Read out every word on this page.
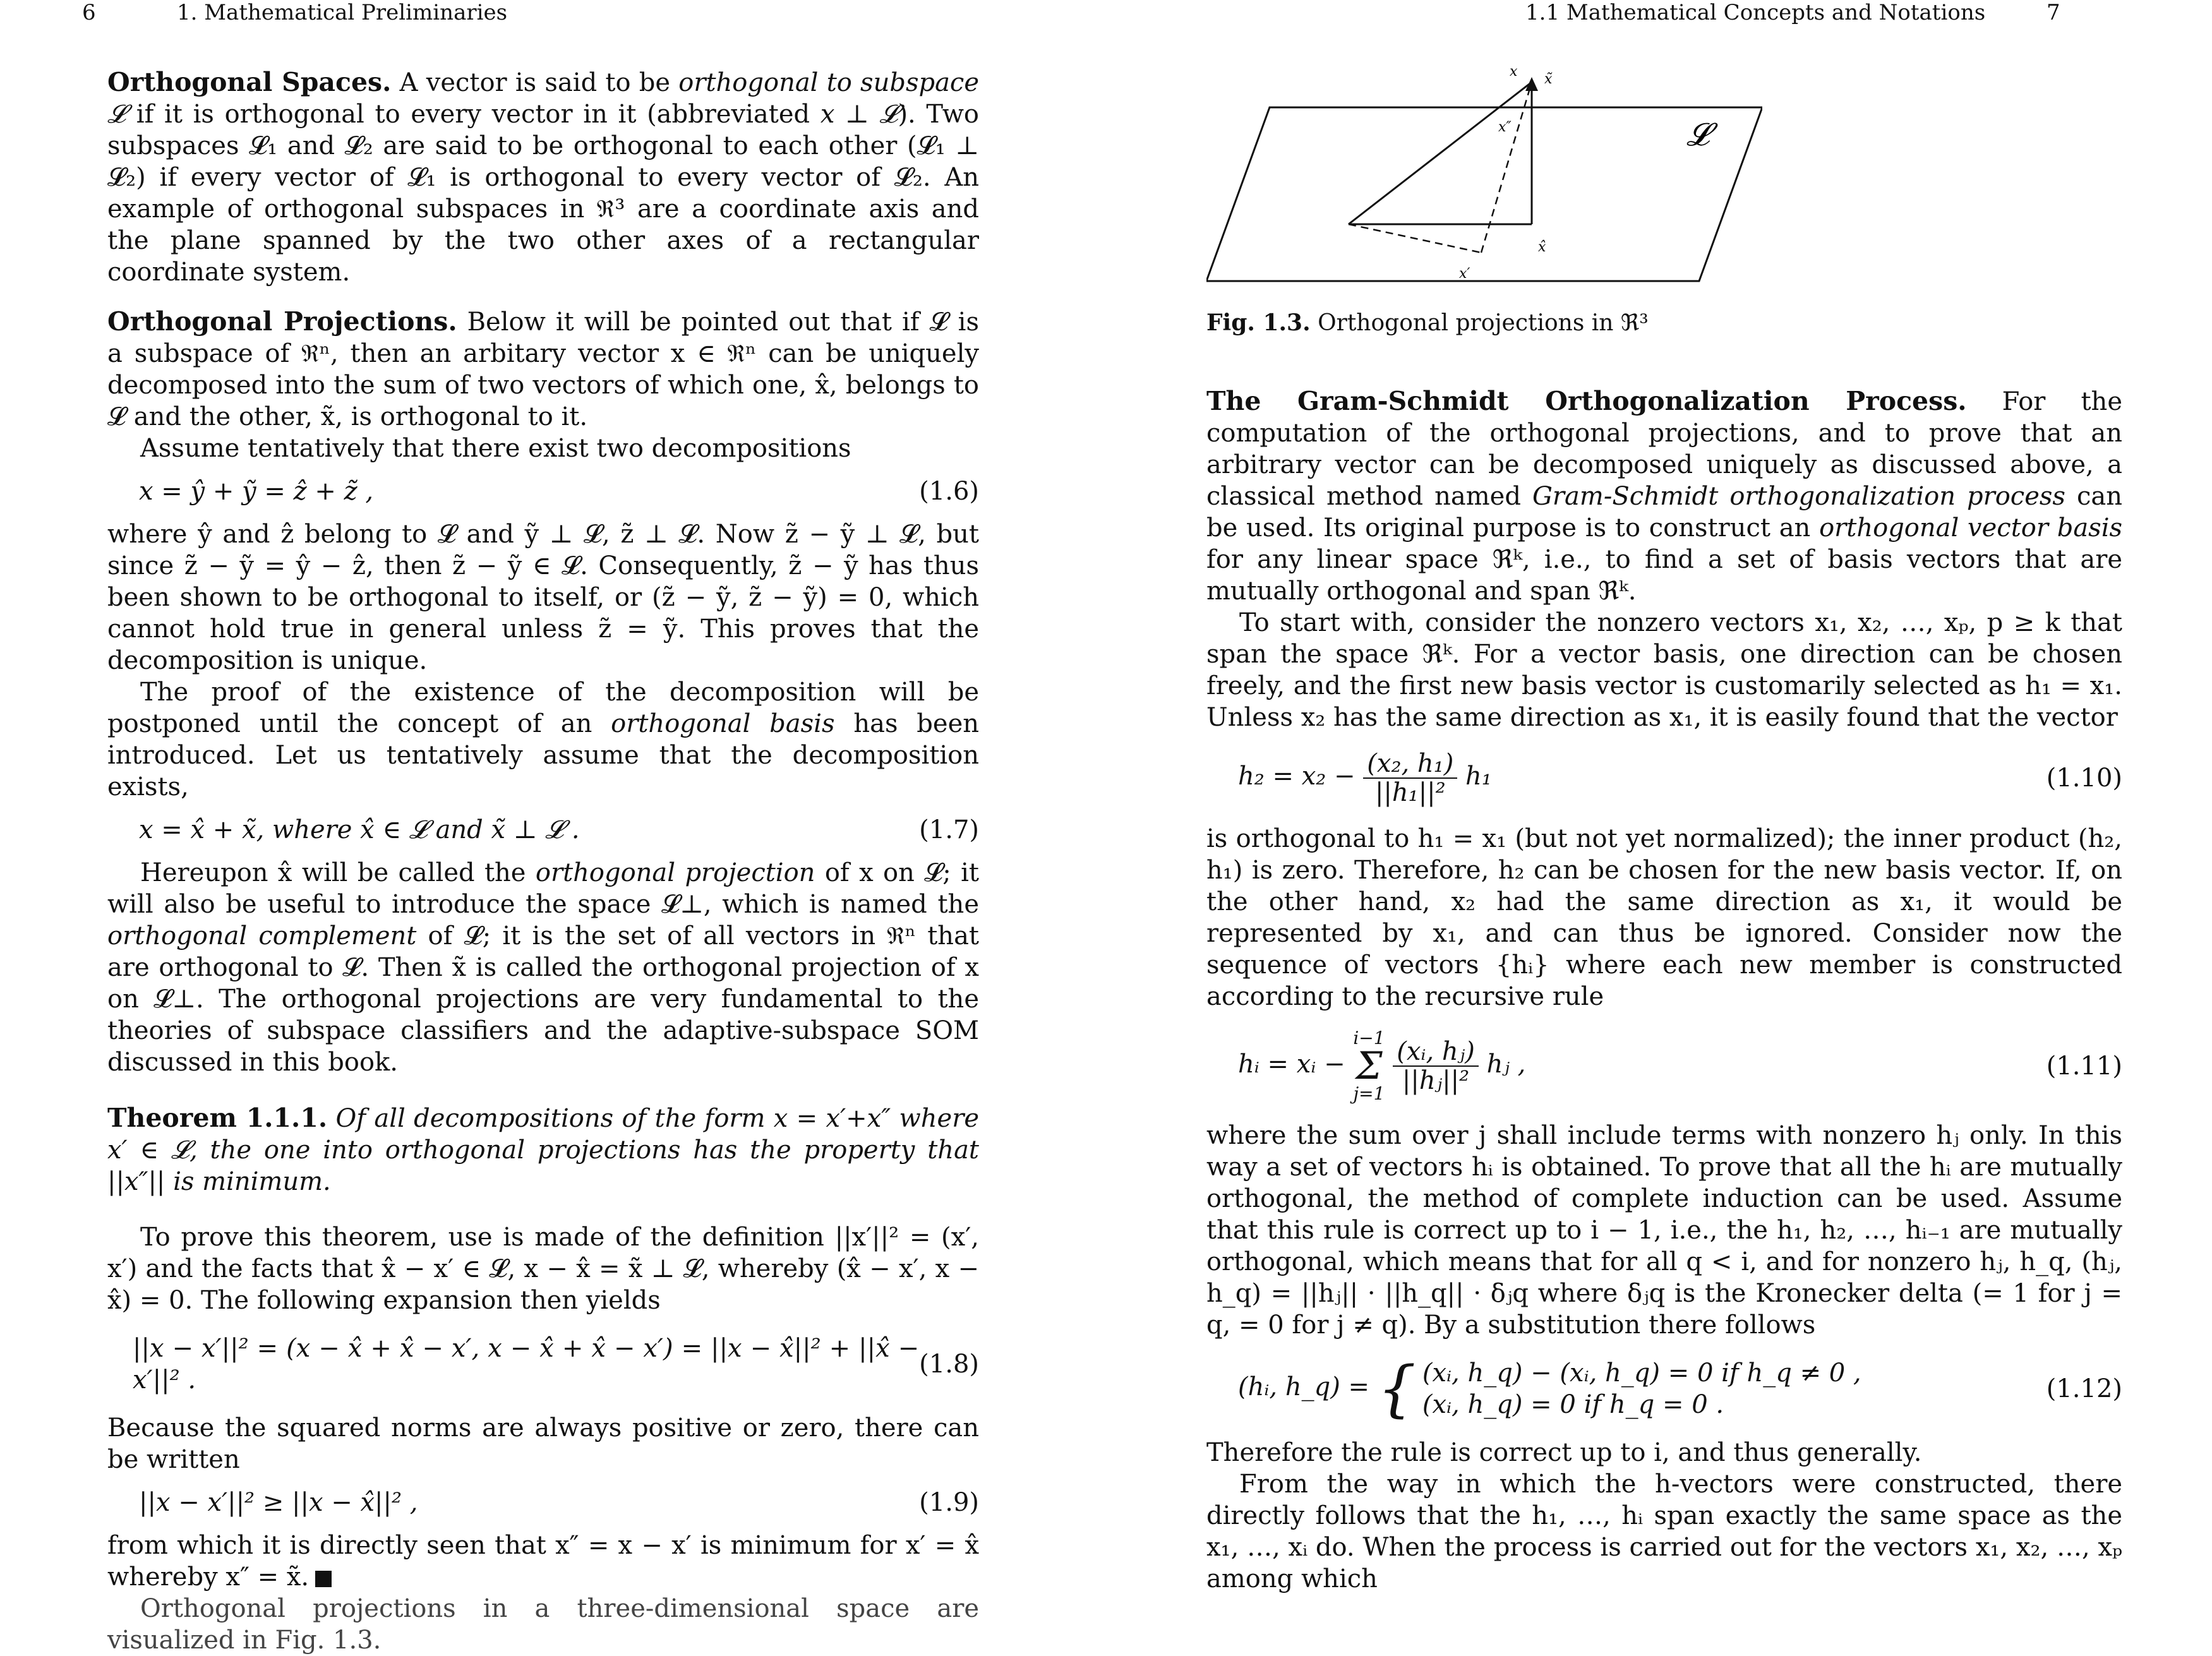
6	1. Mathematical Preliminaries

Orthogonal Spaces. A vector is said to be orthogonal to subspace 𝓛 if it is orthogonal to every vector in it (abbreviated x ⊥ 𝓛). Two subspaces 𝓛₁ and 𝓛₂ are said to be orthogonal to each other (𝓛₁ ⊥ 𝓛₂) if every vector of 𝓛₁ is orthogonal to every vector of 𝓛₂. An example of orthogonal subspaces in ℜ³ are a coordinate axis and the plane spanned by the two other axes of a rectangular coordinate system.

Orthogonal Projections. Below it will be pointed out that if 𝓛 is a subspace of ℜⁿ, then an arbitary vector x ∈ ℜⁿ can be uniquely decomposed into the sum of two vectors of which one, x̂, belongs to 𝓛 and the other, x̃, is orthogonal to it.

Assume tentatively that there exist two decompositions

x = ŷ + ỹ = ẑ + z̃ ,	(1.6)

where ŷ and ẑ belong to 𝓛 and ỹ ⊥ 𝓛, z̃ ⊥ 𝓛. Now z̃ − ỹ ⊥ 𝓛, but since z̃ − ỹ = ŷ − ẑ, then z̃ − ỹ ∈ 𝓛. Consequently, z̃ − ỹ has thus been shown to be orthogonal to itself, or (z̃ − ỹ, z̃ − ỹ) = 0, which cannot hold true in general unless z̃ = ỹ. This proves that the decomposition is unique.

The proof of the existence of the decomposition will be postponed until the concept of an orthogonal basis has been introduced. Let us tentatively assume that the decomposition exists,

x = x̂ + x̃, where x̂ ∈ 𝓛 and x̃ ⊥ 𝓛 .	(1.7)

Hereupon x̂ will be called the orthogonal projection of x on 𝓛; it will also be useful to introduce the space 𝓛⊥, which is named the orthogonal complement of 𝓛; it is the set of all vectors in ℜⁿ that are orthogonal to 𝓛. Then x̃ is called the orthogonal projection of x on 𝓛⊥. The orthogonal projections are very fundamental to the theories of subspace classifiers and the adaptive-subspace SOM discussed in this book.

Theorem 1.1.1. Of all decompositions of the form x = x′+x″ where x′ ∈ 𝓛, the one into orthogonal projections has the property that ||x″|| is minimum.

To prove this theorem, use is made of the definition ||x′||² = (x′, x′) and the facts that x̂ − x′ ∈ 𝓛, x − x̂ = x̃ ⊥ 𝓛, whereby (x̂ − x′, x − x̂) = 0. The following expansion then yields

||x − x′||² = (x − x̂ + x̂ − x′, x − x̂ + x̂ − x′) = ||x − x̂||² + ||x̂ − x′||² .
(1.8)

Because the squared norms are always positive or zero, there can be written

||x − x′||² ≥ ||x − x̂||² ,	(1.9)

from which it is directly seen that x″ = x − x′ is minimum for x′ = x̂ whereby x″ = x̃.

Orthogonal projections in a three-dimensional space are visualized in Fig. 1.3.

1.1 Mathematical Concepts and Notations	7
x x̃
x″
x̂
x′
𝓛
Fig. 1.3. Orthogonal projections in ℜ³

The Gram-Schmidt Orthogonalization Process. For the computation of the orthogonal projections, and to prove that an arbitrary vector can be decomposed uniquely as discussed above, a classical method named Gram-Schmidt orthogonalization process can be used. Its original purpose is to construct an orthogonal vector basis for any linear space ℜᵏ, i.e., to find a set of basis vectors that are mutually orthogonal and span ℜᵏ.

To start with, consider the nonzero vectors x₁, x₂, …, xₚ, p ≥ k that span the space ℜᵏ. For a vector basis, one direction can be chosen freely, and the first new basis vector is customarily selected as h₁ = x₁. Unless x₂ has the same direction as x₁, it is easily found that the vector

$h_2 = x_2 - \frac{\text{(x₂, h₁)}}{\text{||h₁||²}} h_1$	(1.10)

is orthogonal to h₁ = x₁ (but not yet normalized); the inner product (h₂, h₁) is zero. Therefore, h₂ can be chosen for the new basis vector. If, on the other hand, x₂ had the same direction as x₁, it would be represented by x₁, and can thus be ignored. Consider now the sequence of vectors {hᵢ} where each new member is constructed according to the recursive rule

hᵢ = xᵢ −
i−1
Σ
j=1
$\frac{\text{(xᵢ, hⱼ)}}{\text{||hⱼ||²}}$ hⱼ ,	(1.11)

where the sum over j shall include terms with nonzero hⱼ only. In this way a set of vectors hᵢ is obtained. To prove that all the hᵢ are mutually orthogonal, the method of complete induction can be used. Assume that this rule is correct up to i − 1, i.e., the h₁, h₂, …, hᵢ₋₁ are mutually orthogonal, which means that for all q < i, and for nonzero hⱼ, h_q, (hⱼ, h_q) = ||hⱼ|| · ||h_q|| · δⱼq where δⱼq is the Kronecker delta (= 1 for j = q, = 0 for j ≠ q). By a substitution there follows

(hᵢ, h_q) = { (xᵢ, h_q) − (xᵢ, h_q) = 0 if h_q ≠ 0 ,
(xᵢ, h_q) = 0 if h_q = 0 .
(1.12)

Therefore the rule is correct up to i, and thus generally.

From the way in which the h-vectors were constructed, there directly follows that the h₁, …, hᵢ span exactly the same space as the x₁, …, xᵢ do. When the process is carried out for the vectors x₁, x₂, …, xₚ among which
